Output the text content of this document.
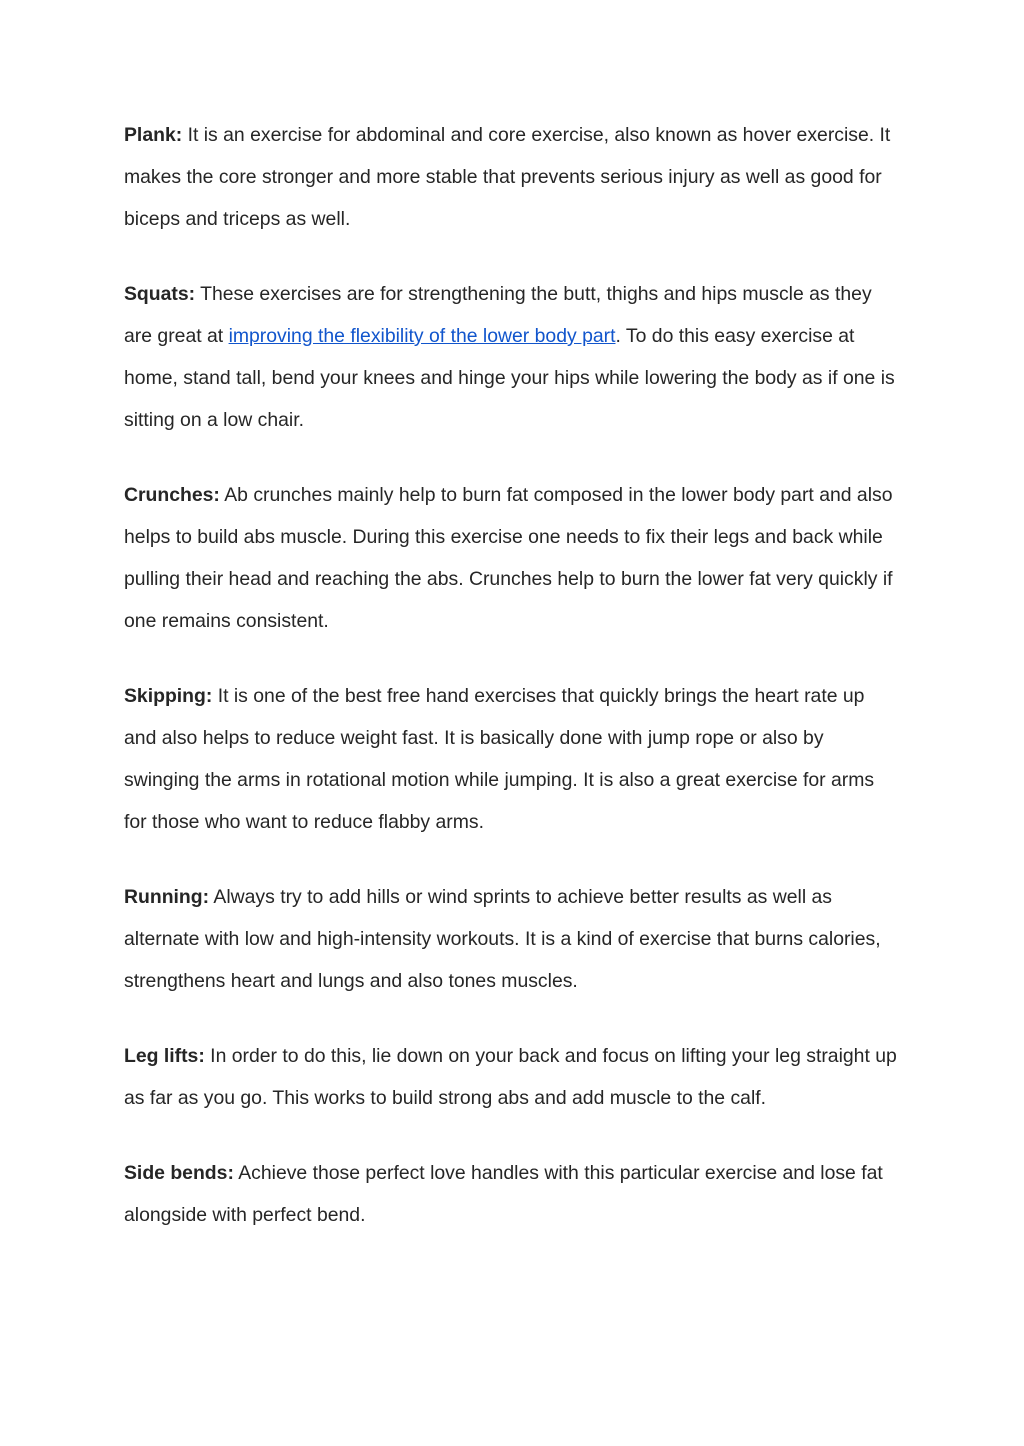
Plank: It is an exercise for abdominal and core exercise, also known as hover exercise. It makes the core stronger and more stable that prevents serious injury as well as good for biceps and triceps as well.

Squats: These exercises are for strengthening the butt, thighs and hips muscle as they are great at improving the flexibility of the lower body part. To do this easy exercise at home, stand tall, bend your knees and hinge your hips while lowering the body as if one is sitting on a low chair.

Crunches: Ab crunches mainly help to burn fat composed in the lower body part and also helps to build abs muscle. During this exercise one needs to fix their legs and back while pulling their head and reaching the abs. Crunches help to burn the lower fat very quickly if one remains consistent.

Skipping: It is one of the best free hand exercises that quickly brings the heart rate up and also helps to reduce weight fast. It is basically done with jump rope or also by swinging the arms in rotational motion while jumping. It is also a great exercise for arms for those who want to reduce flabby arms.

Running: Always try to add hills or wind sprints to achieve better results as well as alternate with low and high-intensity workouts. It is a kind of exercise that burns calories, strengthens heart and lungs and also tones muscles.

Leg lifts: In order to do this, lie down on your back and focus on lifting your leg straight up as far as you go. This works to build strong abs and add muscle to the calf.

Side bends: Achieve those perfect love handles with this particular exercise and lose fat alongside with perfect bend.
